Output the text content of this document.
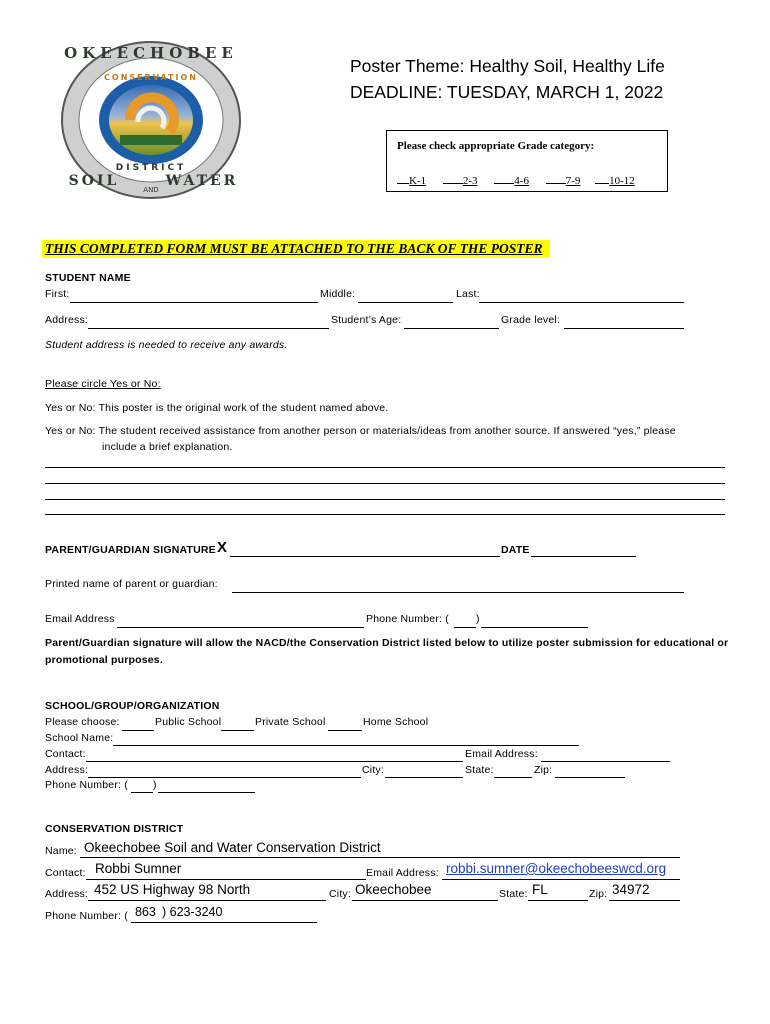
OKEECHOBEE
CONSERVATION
DISTRICT
SOIL
AND
WATER
Poster Theme: Healthy Soil, Healthy Life
DEADLINE: TUESDAY, MARCH 1, 2022
Please check appropriate Grade category:
K-1	2-3	4-6	7-9	10-12
THIS COMPLETED FORM MUST BE ATTACHED TO THE BACK OF THE POSTER
STUDENT NAME
First:	Middle:	Last:
Address:	Student’s Age:	Grade level:
Student address is needed to receive any awards.
Please circle Yes or No:
Yes or No: This poster is the original work of the student named above.
Yes or No: The student received assistance from another person or materials/ideas from another source. If answered “yes,” please
include a brief explanation.
PARENT/GUARDIAN SIGNATURE X	DATE
Printed name of parent or guardian:
Email Address	Phone Number: (	)
Parent/Guardian signature will allow the NACD/the Conservation District listed below to utilize poster submission for educational or
promotional purposes.
SCHOOL/GROUP/ORGANIZATION
Please choose:	Public School	Private School	Home School
School Name:
Contact:	Email Address:
Address:	City:	State:	Zip:
Phone Number: ( )
CONSERVATION DISTRICT
Name: Okeechobee Soil and Water Conservation District
Contact: Robbi Sumner	Email Address: robbi.sumner@okeechobeeswcd.org
Address: 452 US Highway 98 North	City: Okeechobee	State: FL	Zip: 34972
Phone Number: ( 863 ) 623-3240
